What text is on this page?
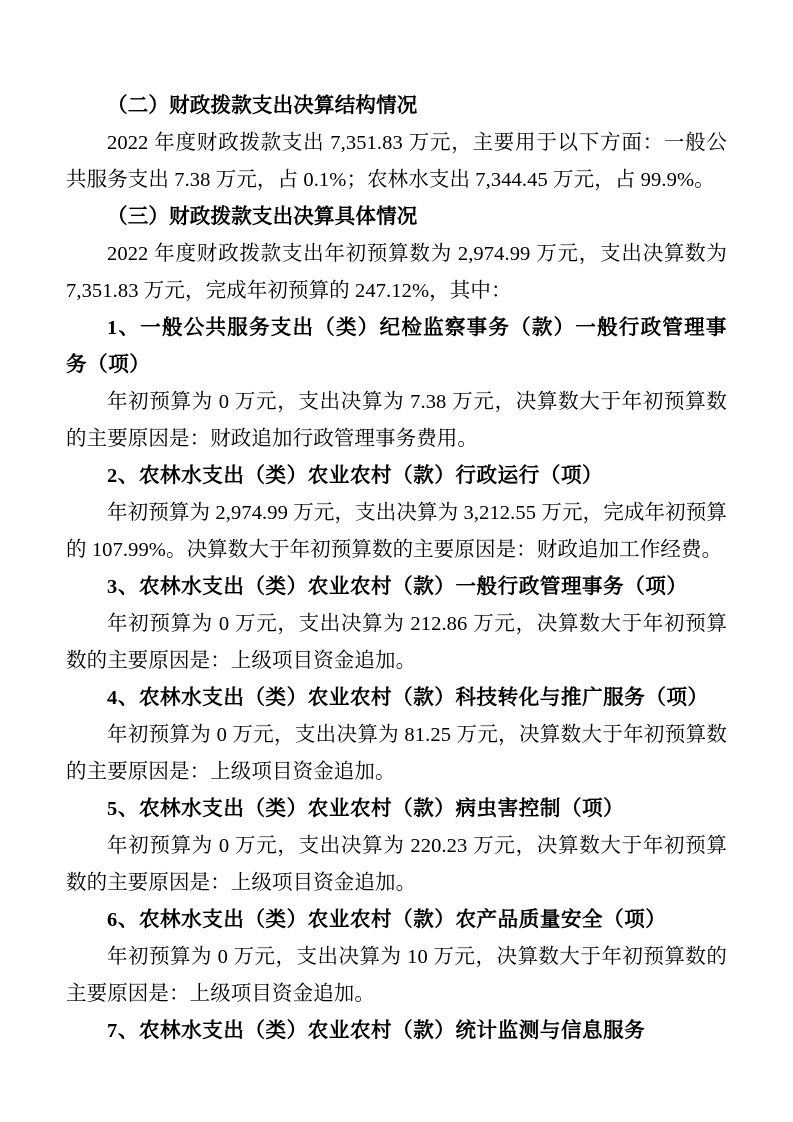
（二）财政拨款支出决算结构情况

2022 年度财政拨款支出 7,351.83 万元，主要用于以下方面：一般公共服务支出 7.38 万元，占 0.1%；农林水支出 7,344.45 万元，占 99.9%。

（三）财政拨款支出决算具体情况

2022 年度财政拨款支出年初预算数为 2,974.99 万元，支出决算数为 7,351.83 万元，完成年初预算的 247.12%，其中：

1、一般公共服务支出（类）纪检监察事务（款）一般行政管理事务（项）

年初预算为 0 万元，支出决算为 7.38 万元，决算数大于年初预算数的主要原因是：财政追加行政管理事务费用。

2、农林水支出（类）农业农村（款）行政运行（项）

年初预算为 2,974.99 万元，支出决算为 3,212.55 万元，完成年初预算的 107.99%。决算数大于年初预算数的主要原因是：财政追加工作经费。

3、农林水支出（类）农业农村（款）一般行政管理事务（项）

年初预算为 0 万元，支出决算为 212.86 万元，决算数大于年初预算数的主要原因是：上级项目资金追加。

4、农林水支出（类）农业农村（款）科技转化与推广服务（项）

年初预算为 0 万元，支出决算为 81.25 万元，决算数大于年初预算数的主要原因是：上级项目资金追加。

5、农林水支出（类）农业农村（款）病虫害控制（项）

年初预算为 0 万元，支出决算为 220.23 万元，决算数大于年初预算数的主要原因是：上级项目资金追加。

6、农林水支出（类）农业农村（款）农产品质量安全（项）

年初预算为 0 万元，支出决算为 10 万元，决算数大于年初预算数的主要原因是：上级项目资金追加。

7、农林水支出（类）农业农村（款）统计监测与信息服务
